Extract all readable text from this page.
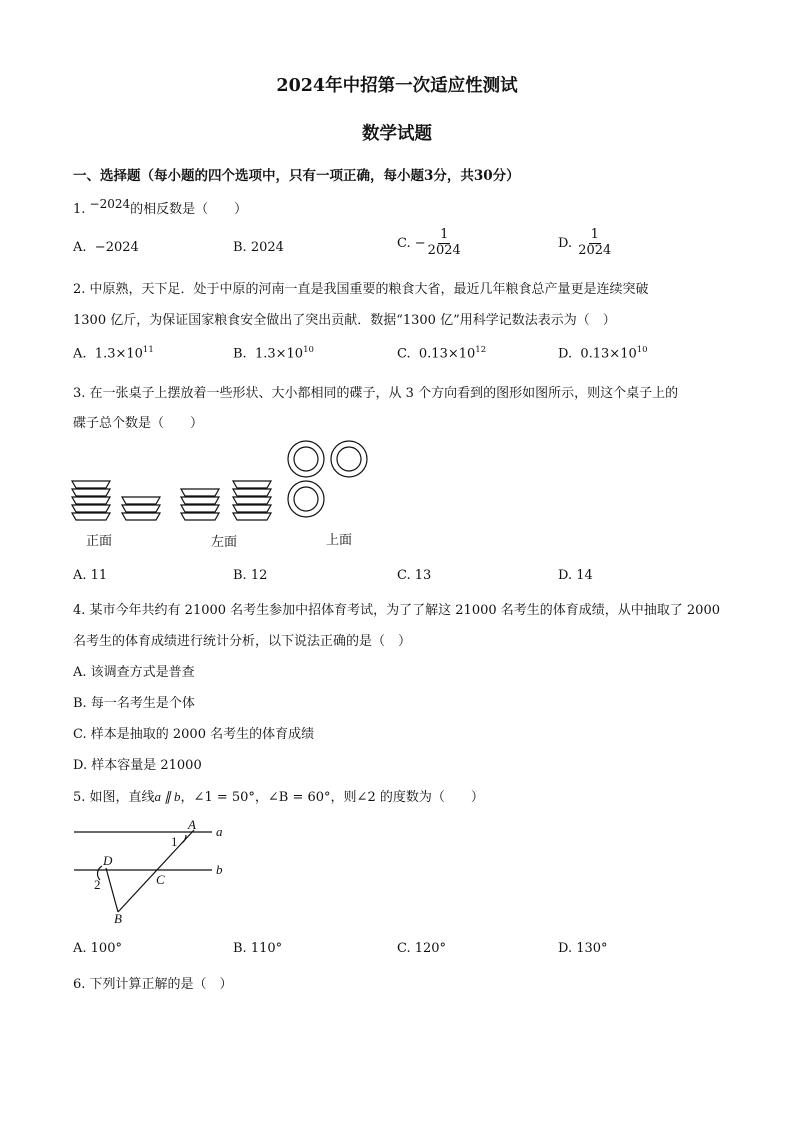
2024年中招第一次适应性测试
数学试题
一、选择题（每小题的四个选项中，只有一项正确，每小题3分，共30分）
1. −2024的相反数是（　　）
A. −2024	B. 2024	C. − $\frac{1}{2024}$	D. $\frac{1}{2024}$
2. 中原熟，天下足．处于中原的河南一直是我国重要的粮食大省，最近几年粮食总产量更是连续突破
1300 亿斤，为保证国家粮食安全做出了突出贡献．数据“1300 亿”用科学记数法表示为（　）
A. $1.3\times 10^{11}$	B. $1.3\times 10^{10}$	C. $0.13\times 10^{12}$	D. $0.13\times 10^{10}$
3. 在一张桌子上摆放着一些形状、大小都相同的碟子，从 3 个方向看到的图形如图所示，则这个桌子上的
碟子总个数是（　　）
正面	左面	上面
A. 11	B. 12	C. 13	D. 14
4. 某市今年共约有 21000 名考生参加中招体育考试，为了了解这 21000 名考生的体育成绩，从中抽取了 2000
名考生的体育成绩进行统计分析，以下说法正确的是（　）
A. 该调查方式是普查
B. 每一名考生是个体
C. 样本是抽取的 2000 名考生的体育成绩
D. 样本容量是 21000
5. 如图，直线a ∥ b，∠1 = 50°，∠B = 60°，则∠2 的度数为（　　）
A a
D
b
C
B
1
2
A. 100°	B. 110°	C. 120°	D. 130°
6. 下列计算正解的是（　）
